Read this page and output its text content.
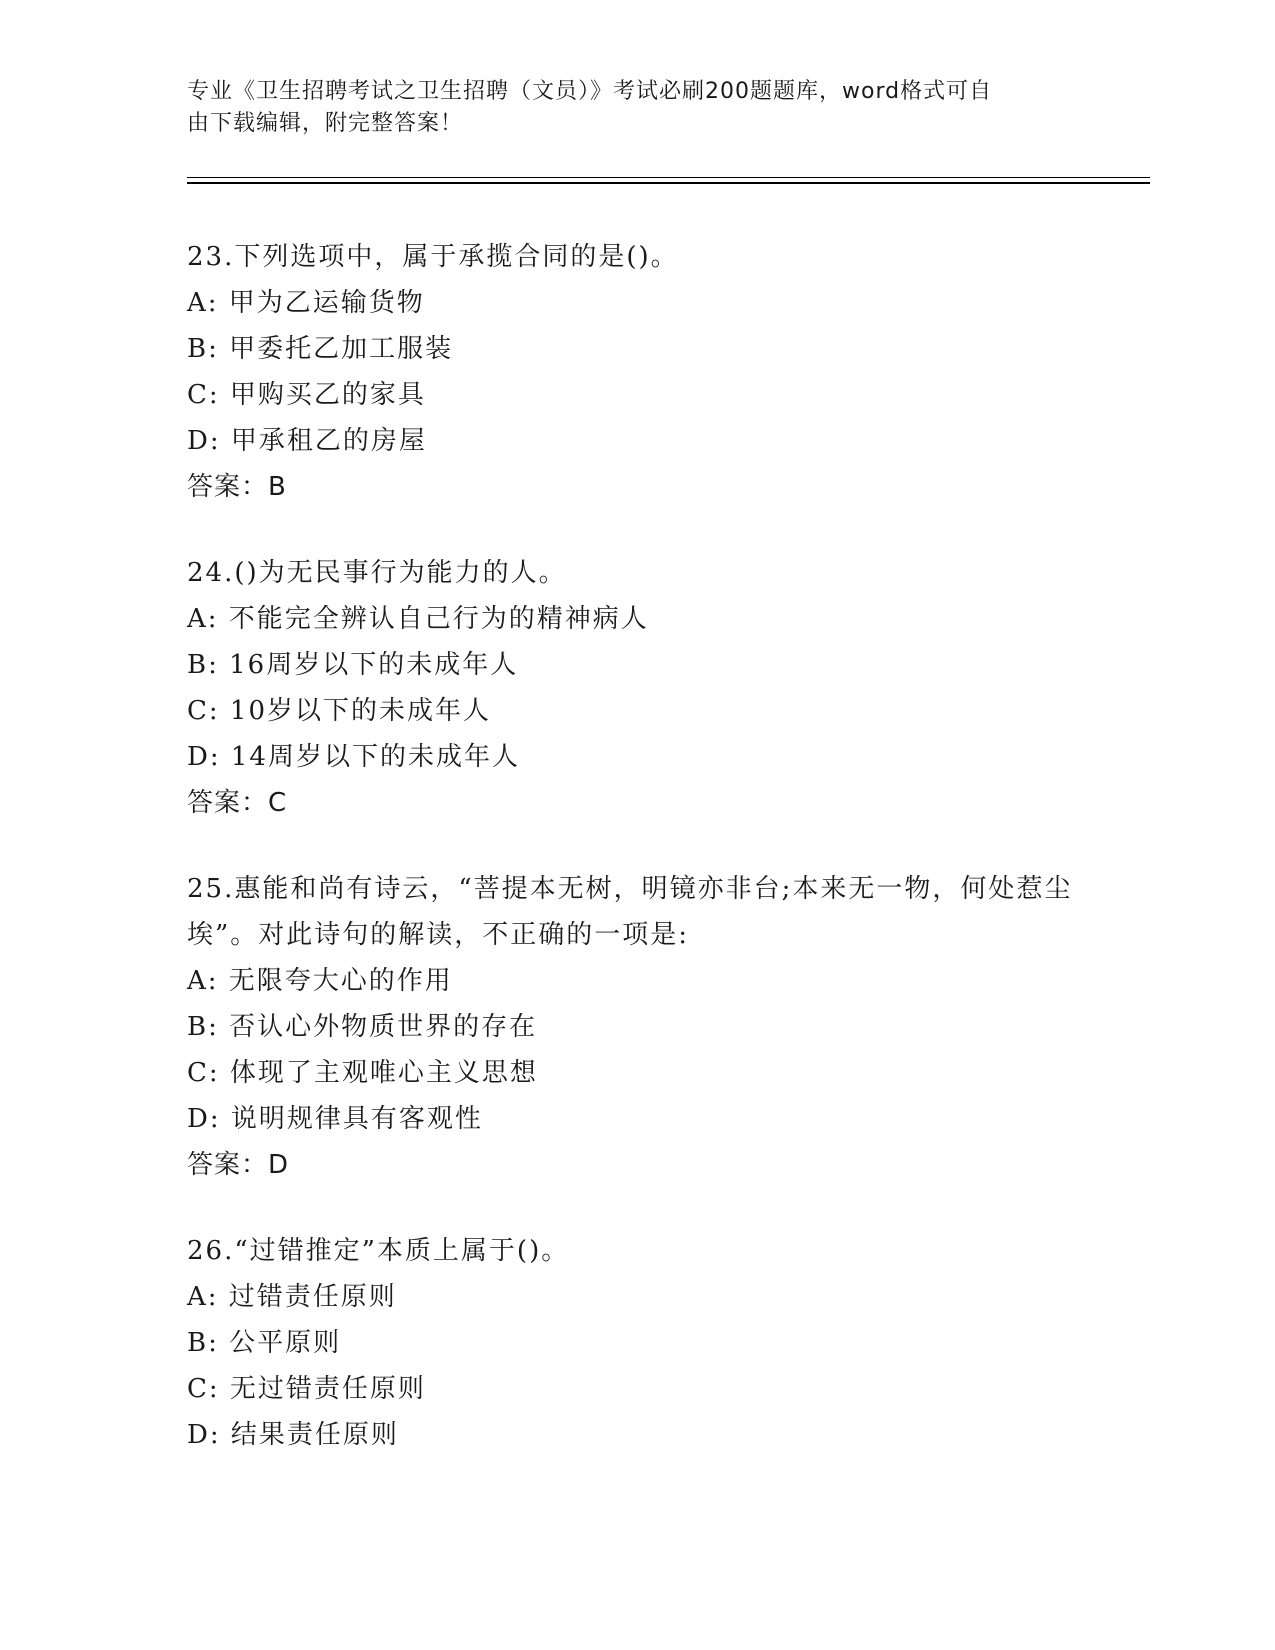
专业《卫生招聘考试之卫生招聘（文员）》考试必刷200题题库，word格式可自
由下载编辑，附完整答案！
23.下列选项中，属于承揽合同的是()。
A: 甲为乙运输货物
B: 甲委托乙加工服装
C: 甲购买乙的家具
D: 甲承租乙的房屋
答案：B
24.()为无民事行为能力的人。
A: 不能完全辨认自己行为的精神病人
B: 16周岁以下的未成年人
C: 10岁以下的未成年人
D: 14周岁以下的未成年人
答案：C
25.惠能和尚有诗云，“菩提本无树，明镜亦非台;本来无一物，何处惹尘埃”。对此诗句的解读，不正确的一项是:
A: 无限夸大心的作用
B: 否认心外物质世界的存在
C: 体现了主观唯心主义思想
D: 说明规律具有客观性
答案：D
26.“过错推定”本质上属于()。
A: 过错责任原则
B: 公平原则
C: 无过错责任原则
D: 结果责任原则
